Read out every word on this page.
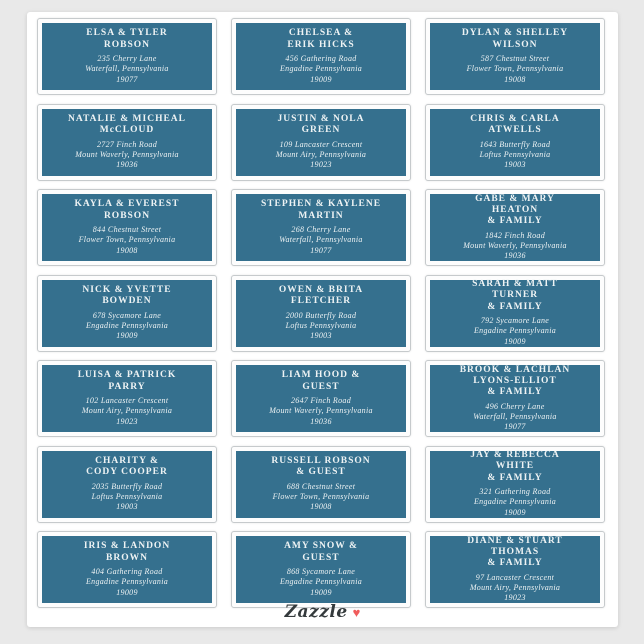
ELSA & TYLER
ROBSON
235 Cherry Lane
Waterfall, Pennsylvania
19077
CHELSEA &
ERIK HICKS
456 Gathering Road
Engadine Pennsylvania
19009
DYLAN & SHELLEY
WILSON
587 Chestnut Street
Flower Town, Pennsylvania
19008
NATALIE & MICHEAL
McCLOUD
2727 Finch Road
Mount Waverly, Pennsylvania
19036
JUSTIN & NOLA
GREEN
109 Lancaster Crescent
Mount Airy, Pennsylvania
19023
CHRIS & CARLA
ATWELLS
1643 Butterfly Road
Loftus Pennsylvania
19003
KAYLA & EVEREST
ROBSON
844 Chestnut Street
Flower Town, Pennsylvania
19008
STEPHEN & KAYLENE
MARTIN
268 Cherry Lane
Waterfall, Pennsylvania
19077
GABE & MARY
HEATON
& FAMILY
1842 Finch Road
Mount Waverly, Pennsylvania
19036
NICK & YVETTE
BOWDEN
678 Sycamore Lane
Engadine Pennsylvania
19009
OWEN & BRITA
FLETCHER
2000 Butterfly Road
Loftus Pennsylvania
19003
SARAH & MATT
TURNER
& FAMILY
792 Sycamore Lane
Engadine Pennsylvania
19009
LUISA & PATRICK
PARRY
102 Lancaster Crescent
Mount Airy, Pennsylvania
19023
LIAM HOOD &
GUEST
2647 Finch Road
Mount Waverly, Pennsylvania
19036
BROOK & LACHLAN
LYONS-ELLIOT
& FAMILY
496 Cherry Lane
Waterfall, Pennsylvania
19077
CHARITY &
CODY COOPER
2035 Butterfly Road
Loftus Pennsylvania
19003
RUSSELL ROBSON
& GUEST
688 Chestnut Street
Flower Town, Pennsylvania
19008
JAY & REBECCA
WHITE
& FAMILY
321 Gathering Road
Engadine Pennsylvania
19009
IRIS & LANDON
BROWN
404 Gathering Road
Engadine Pennsylvania
19009
AMY SNOW &
GUEST
868 Sycamore Lane
Engadine Pennsylvania
19009
DIANE & STUART
THOMAS
& FAMILY
97 Lancaster Crescent
Mount Airy, Pennsylvania
19023
Zazzle ♥
